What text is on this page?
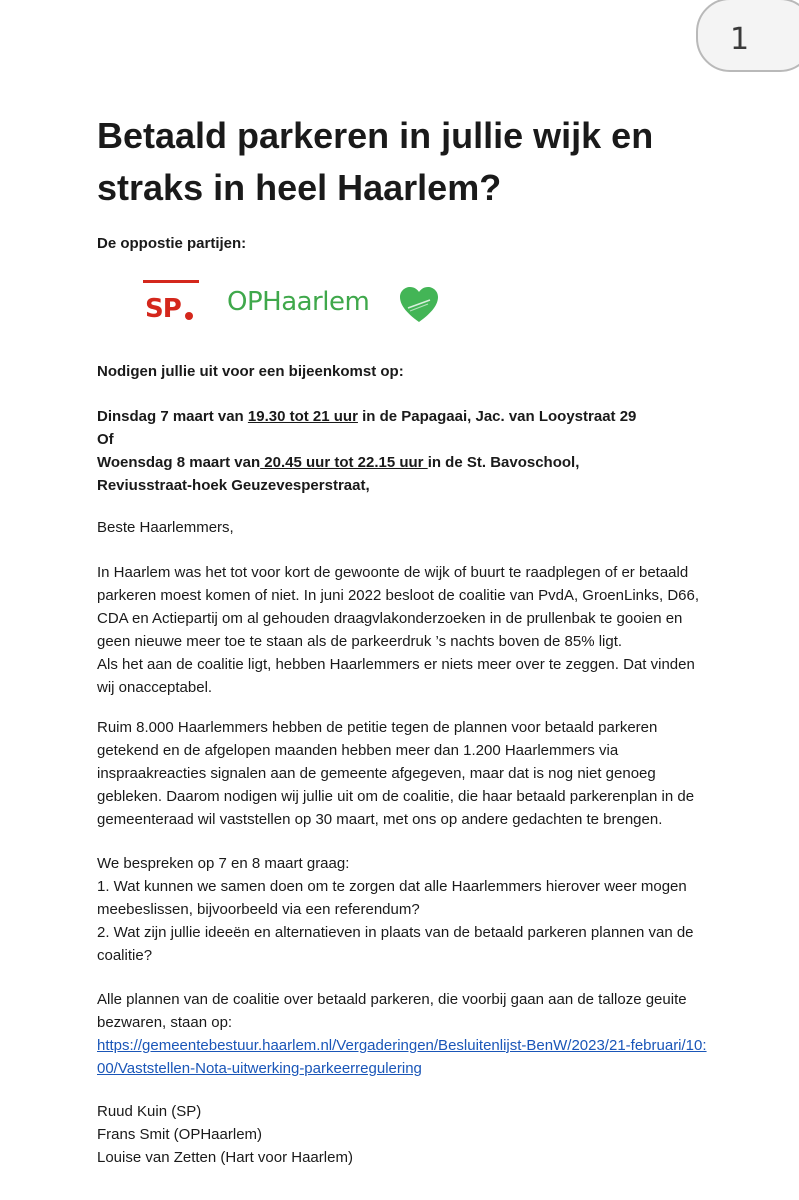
1
Betaald parkeren in jullie wijk en straks in heel Haarlem?

De oppostie partijen:

SP OPHaarlem

Nodigen jullie uit voor een bijeenkomst op:

Dinsdag 7 maart van 19.30 tot 21 uur in de Papagaai, Jac. van Looystraat 29

Of

Woensdag 8 maart van 20.45 uur tot 22.15 uur in de St. Bavoschool,

Reviusstraat-hoek Geuzevesperstraat,

Beste Haarlemmers,

In Haarlem was het tot voor kort de gewoonte de wijk of buurt te raadplegen of er betaald parkeren moest komen of niet. In juni 2022 besloot de coalitie van PvdA, GroenLinks, D66, CDA en Actiepartij om al gehouden draagvlakonderzoeken in de prullenbak te gooien en geen nieuwe meer toe te staan als de parkeerdruk ’s nachts boven de 85% ligt.
Als het aan de coalitie ligt, hebben Haarlemmers er niets meer over te zeggen. Dat vinden wij onacceptabel.

Ruim 8.000 Haarlemmers hebben de petitie tegen de plannen voor betaald parkeren getekend en de afgelopen maanden hebben meer dan 1.200 Haarlemmers via inspraakreacties signalen aan de gemeente afgegeven, maar dat is nog niet genoeg gebleken. Daarom nodigen wij jullie uit om de coalitie, die haar betaald parkerenplan in de gemeenteraad wil vaststellen op 30 maart, met ons op andere gedachten te brengen.

We bespreken op 7 en 8 maart graag:
1. Wat kunnen we samen doen om te zorgen dat alle Haarlemmers hierover weer mogen meebeslissen, bijvoorbeeld via een referendum?
2. Wat zijn jullie ideeën en alternatieven in plaats van de betaald parkeren plannen van de coalitie?
Alle plannen van de coalitie over betaald parkeren, die voorbij gaan aan de talloze geuite bezwaren, staan op:
https://gemeentebestuur.haarlem.nl/Vergaderingen/Besluitenlijst-BenW/2023/21-februari/10:00/Vaststellen-Nota-uitwerking-parkeerregulering
Ruud Kuin (SP)
Frans Smit (OPHaarlem)
Louise van Zetten (Hart voor Haarlem)
